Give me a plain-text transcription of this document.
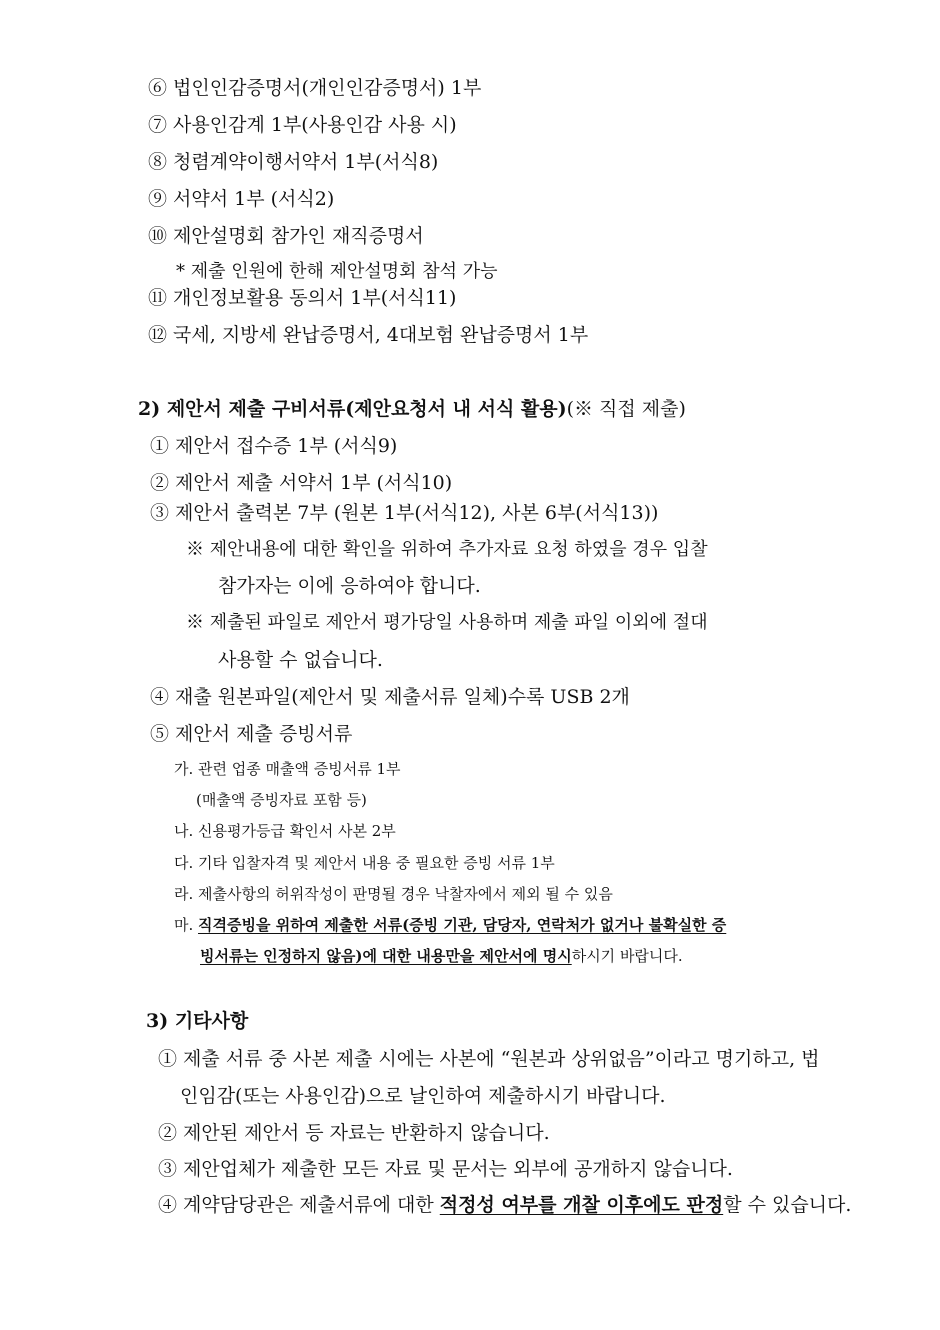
⑥ 법인인감증명서(개인인감증명서) 1부
⑦ 사용인감계 1부(사용인감 사용 시)
⑧ 청렴계약이행서약서 1부(서식8)
⑨ 서약서 1부 (서식2)
⑩ 제안설명회 참가인 재직증명서
* 제출 인원에 한해 제안설명회 참석 가능
⑪ 개인정보활용 동의서 1부(서식11)
⑫ 국세, 지방세 완납증명서, 4대보험 완납증명서 1부
2) 제안서 제출 구비서류(제안요청서 내 서식 활용)(※ 직접 제출)
① 제안서 접수증 1부 (서식9)
② 제안서 제출 서약서 1부 (서식10)
③ 제안서 출력본 7부 (원본 1부(서식12), 사본 6부(서식13))
※ 제안내용에 대한 확인을 위하여 추가자료 요청 하였을 경우 입찰
참가자는 이에 응하여야 합니다.
※ 제출된 파일로 제안서 평가당일 사용하며 제출 파일 이외에 절대
사용할 수 없습니다.
④ 재출 원본파일(제안서 및 제출서류 일체)수록 USB 2개
⑤ 제안서 제출 증빙서류
가. 관련 업종 매출액 증빙서류 1부
(매출액 증빙자료 포함 등)
나. 신용평가등급 확인서 사본 2부
다. 기타 입찰자격 및 제안서 내용 중 필요한 증빙 서류 1부
라. 제출사항의 허위작성이 판명될 경우 낙찰자에서 제외 될 수 있음
마. 직격증빙을 위하여 제출한 서류(증빙 기관, 담당자, 연락처가 없거나 불확실한 증
빙서류는 인정하지 않음)에 대한 내용만을 제안서에 명시하시기 바랍니다.
3) 기타사항
① 제출 서류 중 사본 제출 시에는 사본에 “원본과 상위없음”이라고 명기하고, 법
인임감(또는 사용인감)으로 날인하여 제출하시기 바랍니다.
② 제안된 제안서 등 자료는 반환하지 않습니다.
③ 제안업체가 제출한 모든 자료 및 문서는 외부에 공개하지 않습니다.
④ 계약담당관은 제출서류에 대한 적정성 여부를 개찰 이후에도 판정할 수 있습니다.
